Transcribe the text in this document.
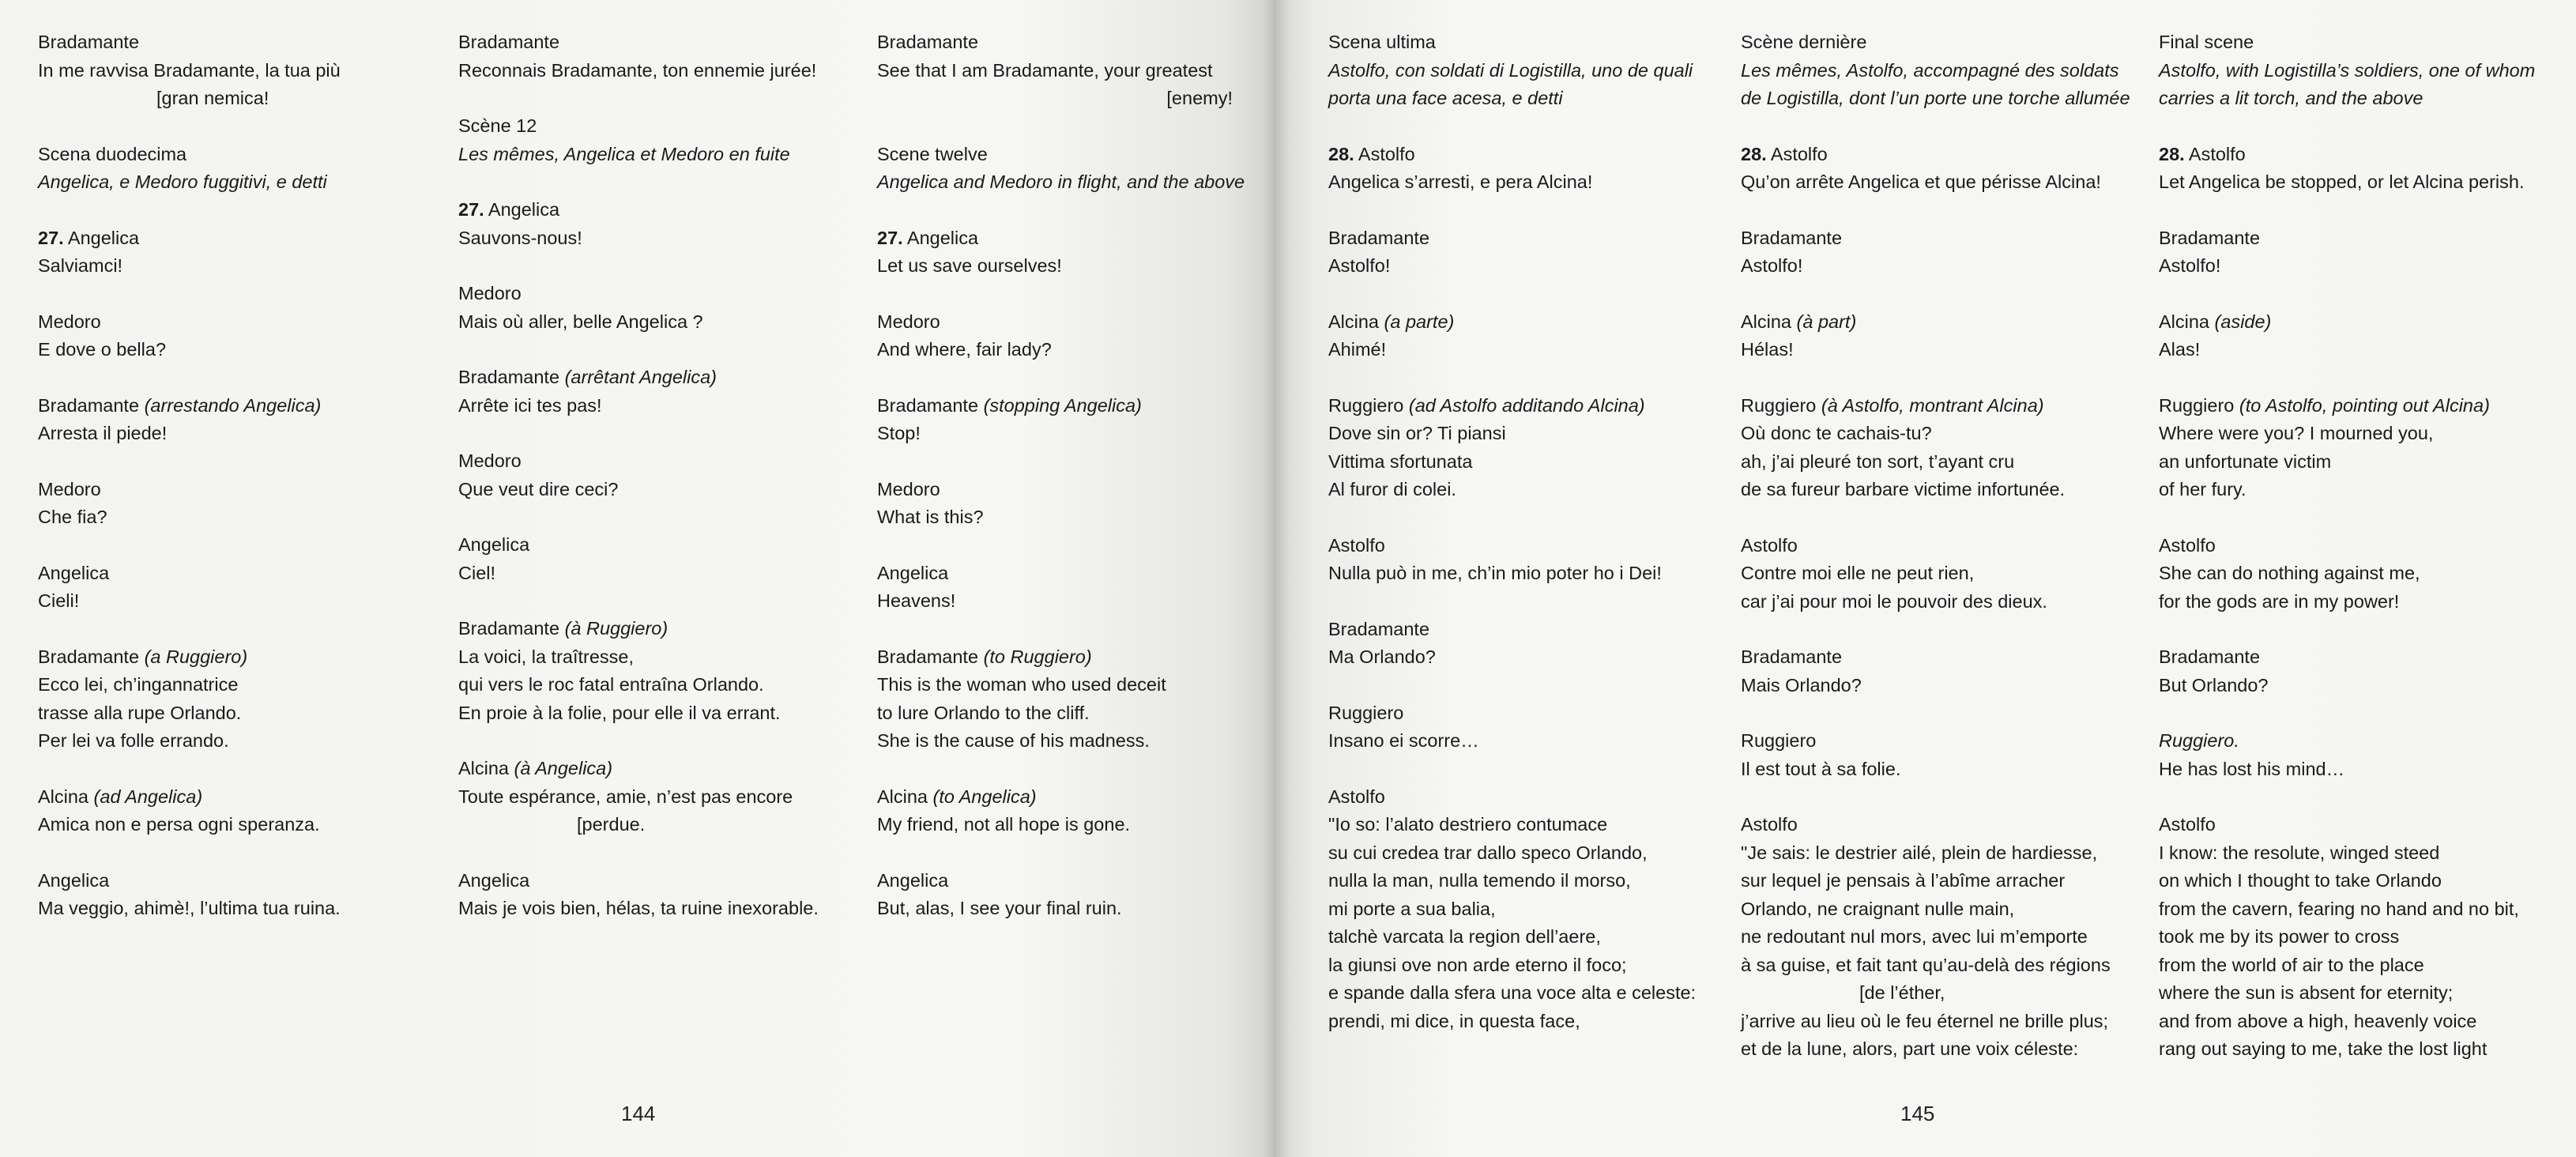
Bradamante
In me ravvisa Bradamante, la tua più
[gran nemica!
Scena duodecima
Angelica, e Medoro fuggitivi, e detti
27. Angelica
Salviamci!
Medoro
E dove o bella?
Bradamante (arrestando Angelica)
Arresta il piede!
Medoro
Che fia?
Angelica
Cieli!
Bradamante (a Ruggiero)
Ecco lei, ch’ingannatrice
trasse alla rupe Orlando.
Per lei va folle errando.
Alcina (ad Angelica)
Amica non e persa ogni speranza.
Angelica
Ma veggio, ahimè!, l’ultima tua ruina.
Bradamante
Reconnais Bradamante, ton ennemie jurée!
Scène 12
Les mêmes, Angelica et Medoro en fuite
27. Angelica
Sauvons-nous!
Medoro
Mais où aller, belle Angelica ?
Bradamante (arrêtant Angelica)
Arrête ici tes pas!
Medoro
Que veut dire ceci?
Angelica
Ciel!
Bradamante (à Ruggiero)
La voici, la traîtresse,
qui vers le roc fatal entraîna Orlando.
En proie à la folie, pour elle il va errant.
Alcina (à Angelica)
Toute espérance, amie, n’est pas encore
[perdue.
Angelica
Mais je vois bien, hélas, ta ruine inexorable.
Bradamante
See that I am Bradamante, your greatest
[enemy!
Scene twelve
Angelica and Medoro in flight, and the above
27. Angelica
Let us save ourselves!
Medoro
And where, fair lady?
Bradamante (stopping Angelica)
Stop!
Medoro
What is this?
Angelica
Heavens!
Bradamante (to Ruggiero)
This is the woman who used deceit
to lure Orlando to the cliff.
She is the cause of his madness.
Alcina (to Angelica)
My friend, not all hope is gone.
Angelica
But, alas, I see your final ruin.
144
Scena ultima
Astolfo, con soldati di Logistilla, uno de quali
porta una face acesa, e detti
28. Astolfo
Angelica s’arresti, e pera Alcina!
Bradamante
Astolfo!
Alcina (a parte)
Ahimé!
Ruggiero (ad Astolfo additando Alcina)
Dove sin or? Ti piansi
Vittima sfortunata
Al furor di colei.
Astolfo
Nulla può in me, ch’in mio poter ho i Dei!
Bradamante
Ma Orlando?
Ruggiero
Insano ei scorre…
Astolfo
"Io so: l’alato destriero contumace
su cui credea trar dallo speco Orlando,
nulla la man, nulla temendo il morso,
mi porte a sua balia,
talchè varcata la region dell’aere,
la giunsi ove non arde eterno il foco;
e spande dalla sfera una voce alta e celeste:
prendi, mi dice, in questa face,
Scène dernière
Les mêmes, Astolfo, accompagné des soldats
de Logistilla, dont l’un porte une torche allumée
28. Astolfo
Qu’on arrête Angelica et que périsse Alcina!
Bradamante
Astolfo!
Alcina (à part)
Hélas!
Ruggiero (à Astolfo, montrant Alcina)
Où donc te cachais-tu?
ah, j’ai pleuré ton sort, t’ayant cru
de sa fureur barbare victime infortunée.
Astolfo
Contre moi elle ne peut rien,
car j’ai pour moi le pouvoir des dieux.
Bradamante
Mais Orlando?
Ruggiero
Il est tout à sa folie.
Astolfo
"Je sais: le destrier ailé, plein de hardiesse,
sur lequel je pensais à l’abîme arracher
Orlando, ne craignant nulle main,
ne redoutant nul mors, avec lui m’emporte
à sa guise, et fait tant qu’au-delà des régions
[de l’éther,
j’arrive au lieu où le feu éternel ne brille plus;
et de la lune, alors, part une voix céleste:
Final scene
Astolfo, with Logistilla’s soldiers, one of whom
carries a lit torch, and the above
28. Astolfo
Let Angelica be stopped, or let Alcina perish.
Bradamante
Astolfo!
Alcina (aside)
Alas!
Ruggiero (to Astolfo, pointing out Alcina)
Where were you? I mourned you,
an unfortunate victim
of her fury.
Astolfo
She can do nothing against me,
for the gods are in my power!
Bradamante
But Orlando?
Ruggiero.
He has lost his mind…
Astolfo
I know: the resolute, winged steed
on which I thought to take Orlando
from the cavern, fearing no hand and no bit,
took me by its power to cross
from the world of air to the place
where the sun is absent for eternity;
and from above a high, heavenly voice
rang out saying to me, take the lost light
145
